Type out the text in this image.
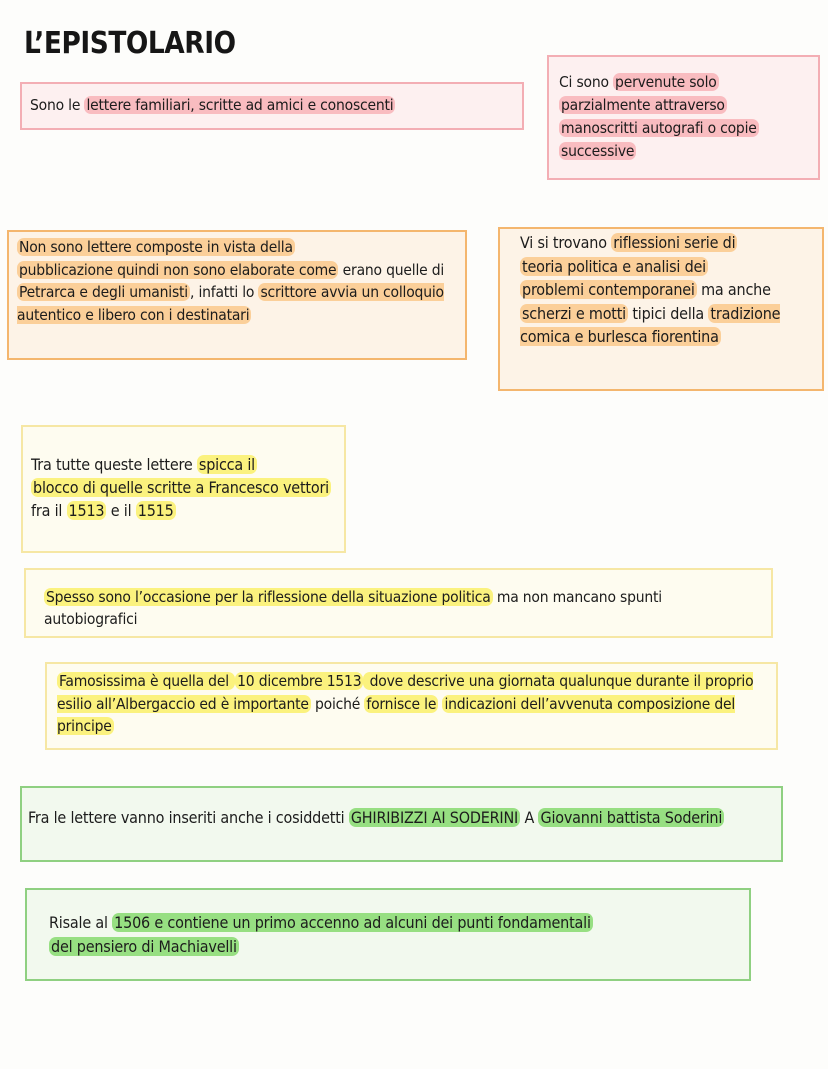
L’EPISTOLARIO

Sono le lettere familiari, scritte ad amici e conoscenti

Ci sono pervenute solo
parzialmente attraverso
manoscritti autografi o copie
successive

Non sono lettere composte in vista della
pubblicazione quindi non sono elaborate come erano quelle di Petrarca e degli umanisti , infatti lo scrittore avvia un colloquio autentico e libero con i destinatari

Vi si trovano riflessioni serie di
teoria politica e analisi dei
problemi contemporanei ma anche scherzi e motti tipici della tradizione comica e burlesca fiorentina

Tra tutte queste lettere spicca il
blocco di quelle scritte a Francesco vettori fra il 1513 e il 1515

Spesso sono l’occasione per la riflessione della situazione politica ma non mancano spunti autobiografici

Famosissima è quella del 10 dicembre 1513 dove descrive una giornata qualunque durante il proprio esilio all’Albergaccio ed è importante poiché fornisce le indicazioni dell’avvenuta composizione del principe

Fra le lettere vanno inseriti anche i cosiddetti GHIRIBIZZI AI SODERINI A Giovanni battista Soderini

Risale al 1506 e contiene un primo accenno ad alcuni dei punti fondamentali
del pensiero di Machiavelli
